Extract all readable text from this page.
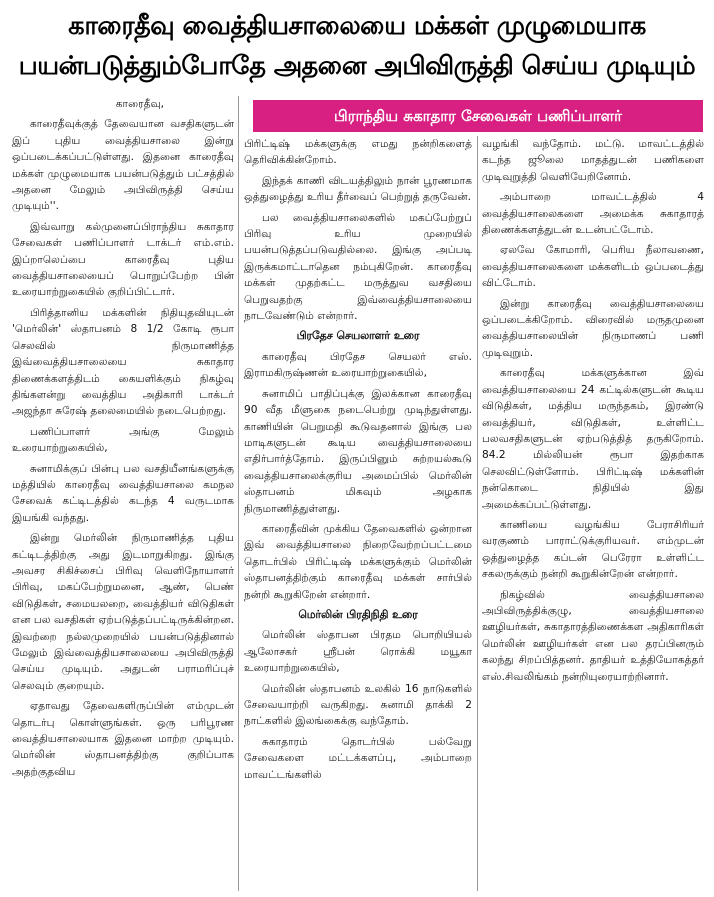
காரைதீவு வைத்தியசாலையை மக்கள் முழுமையாக
பயன்படுத்தும்போதே அதனை அபிவிருத்தி செய்ய முடியும்
பிராந்திய சுகாதார சேவைகள் பணிப்பாளர்

காரைதீவு,

காரைதீவுக்குத் தேவையான வசதிகளுடன் இப் புதிய வைத்தியசாலை இன்று ஒப்படைக்கப்பட்டுள்ளது. இதனை காரைதீவு மக்கள் முழுமையாக பயன்படுத்தும் பட்சத்தில் அதனை மேலும் அபிவிருத்தி செய்ய முடியும்''.

இவ்வாறு கல்முனைப்பிராந்திய சுகாதார சேவைகள் பணிப்பாளர் டாக்டர் எம்.எம். இப்றாலெப்பை காரைதீவு புதிய வைத்தியசாலையைப் பொறுப்பேற்ற பின் உரையாற்றுகையில் குறிப்பிட்டார்.

பிரித்தானிய மக்களின் நிதியுதவியுடன் 'மெர்லின்' ஸ்தாபனம் 8 1/2 கோடி ரூபா செலவில் நிருமாணித்த இவ்வைத்தியசாலையை சுகாதார திணைக்களத்திடம் கையளிக்கும் நிகழ்வு திங்களன்று வைத்திய அதிகாரி டாக்டர் அஜந்தா சுரேஷ் தலைமையில் நடைபெற்றது.

பணிப்பாளர் அங்கு மேலும் உரையாற்றுகையில்,

சுனாமிக்குப் பின்பு பல வசதியீனங்களுக்கு மத்தியில் காரைதீவு வைத்தியசாலை கமநல சேவைக் கட்டிடத்தில் கடந்த 4 வருடமாக இயங்கி வந்தது.

இன்று மெர்லின் நிருமாணித்த புதிய கட்டிடத்திற்கு அது இடமாறுகிறது. இங்கு அவசர சிகிச்சைப் பிரிவு வெளிநோயாளர் பிரிவு, மகப்பேற்றுமனை, ஆண், பெண் விடுதிகள், சமையலறை, வைத்தியர் விடுதிகள் என பல வசதிகள் ஏற்படுத்தப்பட்டிருக்கின்றன. இவற்றை நல்லமுறையில் பயன்படுத்தினால் மேலும் இவ்வைத்தியசாலையை அபிவிருத்தி செய்ய முடியும். அதுடன் பராமரிப்புச் செலவும் குறையும்.

ஏதாவது தேவைகளிருப்பின் எம்முடன் தொடர்பு கொள்ளுங்கள். ஒரு பரிபூரண வைத்தியசாலையாக இதனை மாற்ற முடியும். மெர்லின் ஸ்தாபனத்திற்கு குறிப்பாக அதற்குதவிய

பிரிட்டிஷ் மக்களுக்கு எமது நன்றிகளைத் தெரிவிக்கின்றோம்.

இந்தக் காணி விடயத்திலும் நான் பூரணமாக ஒத்துழைத்து உரிய தீர்வைப் பெற்றுத் தருவேன்.

பல வைத்தியசாலைகளில் மகப்பேற்றுப் பிரிவு உரிய முறையில் பயன்படுத்தப்படுவதில்லை. இங்கு அப்படி இருக்கமாட்டாதென நம்புகிறேன். காரைதீவு மக்கள் முதற்கட்ட மருத்துவ வசதியை பெறுவதற்கு இவ்வைத்தியசாலையை நாடவேண்டும் என்றார்.

பிரதேச செயலாளர் உரை

காரைதீவு பிரதேச செயலர் எஸ். இராமகிருஷ்ணன் உரையாற்றுகையில்,

சுனாமிப் பாதிப்புக்கு இலக்கான காரைதீவு 90 வீத மீளுகை நடைபெற்று முடிந்துள்ளது. காணியின் பெறுமதி கூடுவதனால் இங்கு பல மாடிகளுடன் கூடிய வைத்தியசாலையை எதிர்பார்த்தோம். இருப்பினும் சுற்றயல்கூடு வைத்தியசாலைக்குரிய அமைப்பில் மெர்லின் ஸ்தாபனம் மிகவும் அழகாக நிருமாணித்துள்ளது.

காரைதீவின் முக்கிய தேவைகளில் ஒன்றான இவ் வைத்தியசாலை நிறைவேற்றப்பட்டமை தொடர்பில் பிரிட்டிஷ் மக்களுக்கும் மெர்லின் ஸ்தாபனத்திற்கும் காரைதீவு மக்கள் சார்பில் நன்றி கூறுகிறேன் என்றார்.

மெர்லின் பிரதிநிதி உரை

மெர்லின் ஸ்தாபன பிரதம பொறியியல் ஆலோசகர் ஸ்ரீபன் ரொக்கி மயூகா உரையாற்றுகையில்,

மெர்லின் ஸ்தாபனம் உலகில் 16 நாடுகளில் சேவையாற்றி வருகிறது. சுனாமி தாக்கி 2 நாட்களில் இலங்கைக்கு வந்தோம்.

சுகாதாரம் தொடர்பில் பல்வேறு சேவைகளை மட்டக்களப்பு, அம்பாறை மாவட்டங்களில்

வழங்கி வந்தோம். மட்டு. மாவட்டத்தில் கடந்த ஜூலை மாதத்துடன் பணிகளை முடிவுறுத்தி வெளியேறினோம்.

அம்பாறை மாவட்டத்தில் 4 வைத்தியசாலைகளை அமைக்க சுகாதாரத் திணைக்களத்துடன் உடன்பட்டோம்.

ஏலவே கோமாரி, பெரிய நீலாவணை, வைத்தியசாலைகளை மக்களிடம் ஒப்படைத்து விட்டோம்.

இன்று காரைதீவு வைத்தியசாலையை ஒப்படைக்கிறோம். விரைவில் மருதமுனை வைத்தியசாலையின் நிருமாணப் பணி முடிவுறும்.

காரைதீவு மக்களுக்கான இவ் வைத்தியசாலையை 24 கட்டில்களுடன் கூடிய விடுதிகள், மத்திய மருந்தகம், இரண்டு வைத்தியர், விடுதிகள், உள்ளிட்ட பலவசதிகளுடன் ஏற்படுத்தித் தருகிறோம். 84.2 மில்லியன் ரூபா இதற்காக செலவிட்டுள்ளோம். பிரிட்டிஷ் மக்களின் நன்கொடை நிதியில் இது அமைக்கப்பட்டுள்ளது.

காணியை வழங்கிய பேராசிரியர் வரகுணம் பாராட்டுக்குரியவர். எம்முடன் ஒத்துழைத்த கப்டன் பெரேரா உள்ளிட்ட சகலருக்கும் நன்றி கூறுகின்றேன் என்றார்.

நிகழ்வில் வைத்தியசாலை அபிவிருத்திக்குழு, வைத்தியசாலை ஊழியர்கள், சுகாதாரத்திணைக்கள அதிகாரிகள் மெர்லின் ஊழியர்கள் என பல தரப்பினரும் கலந்து சிறப்பித்தனர். தாதியர் உத்தியோகத்தர் எஸ்.சிவலிங்கம் நன்றியுரையாற்றினார்.
